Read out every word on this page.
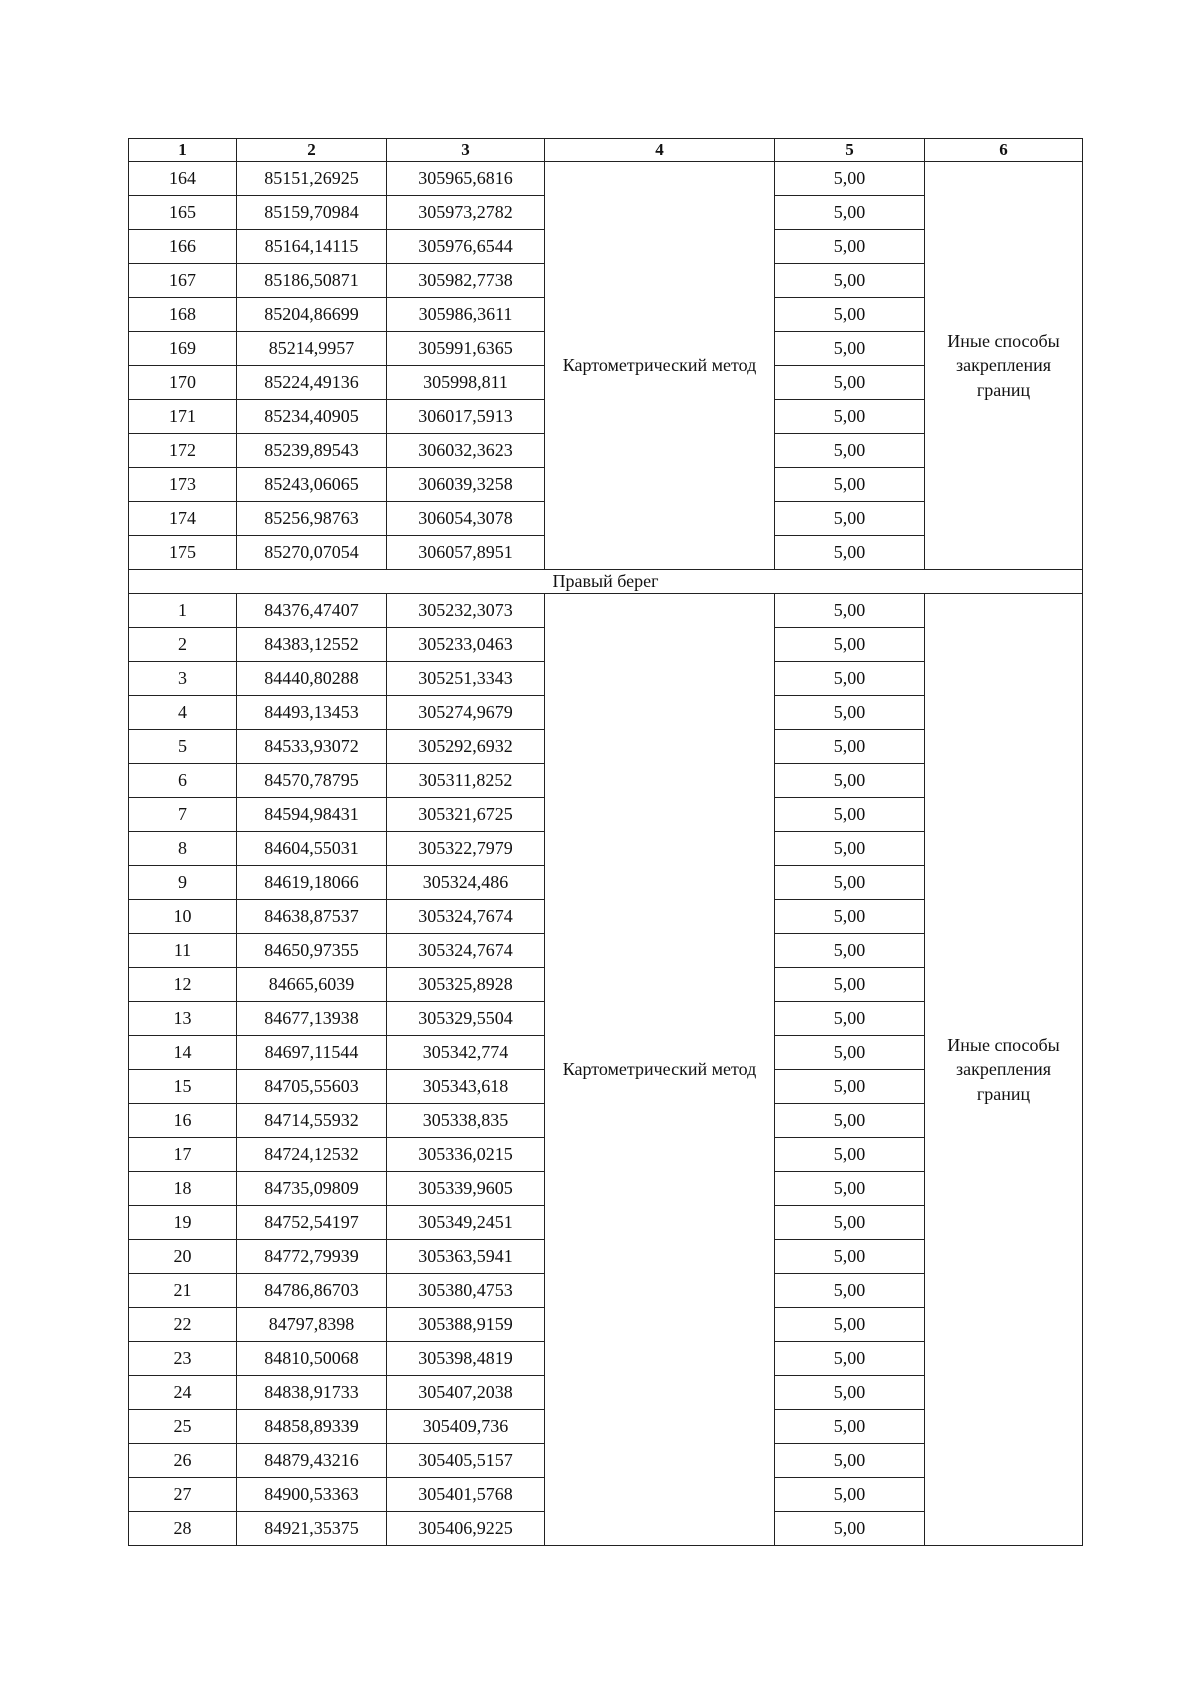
1	2	3	4	5	6
164	85151,26925	305965,6816	Картометрический метод	5,00	Иные способы закрепления границ
165	85159,70984	305973,2782		5,00	
166	85164,14115	305976,6544		5,00	
167	85186,50871	305982,7738		5,00	
168	85204,86699	305986,3611		5,00	
169	85214,9957	305991,6365		5,00	
170	85224,49136	305998,811		5,00	
171	85234,40905	306017,5913		5,00	
172	85239,89543	306032,3623		5,00	
173	85243,06065	306039,3258		5,00	
174	85256,98763	306054,3078		5,00	
175	85270,07054	306057,8951		5,00	
Правый берег					
1	84376,47407	305232,3073	Картометрический метод	5,00	Иные способы закрепления границ
2	84383,12552	305233,0463		5,00	
3	84440,80288	305251,3343		5,00	
4	84493,13453	305274,9679		5,00	
5	84533,93072	305292,6932		5,00	
6	84570,78795	305311,8252		5,00	
7	84594,98431	305321,6725		5,00	
8	84604,55031	305322,7979		5,00	
9	84619,18066	305324,486		5,00	
10	84638,87537	305324,7674		5,00	
11	84650,97355	305324,7674		5,00	
12	84665,6039	305325,8928		5,00	
13	84677,13938	305329,5504		5,00	
14	84697,11544	305342,774		5,00	
15	84705,55603	305343,618		5,00	
16	84714,55932	305338,835		5,00	
17	84724,12532	305336,0215		5,00	
18	84735,09809	305339,9605		5,00	
19	84752,54197	305349,2451		5,00	
20	84772,79939	305363,5941		5,00	
21	84786,86703	305380,4753		5,00	
22	84797,8398	305388,9159		5,00	
23	84810,50068	305398,4819		5,00	
24	84838,91733	305407,2038		5,00	
25	84858,89339	305409,736		5,00	
26	84879,43216	305405,5157		5,00	
27	84900,53363	305401,5768		5,00	
28	84921,35375	305406,9225		5,00	
